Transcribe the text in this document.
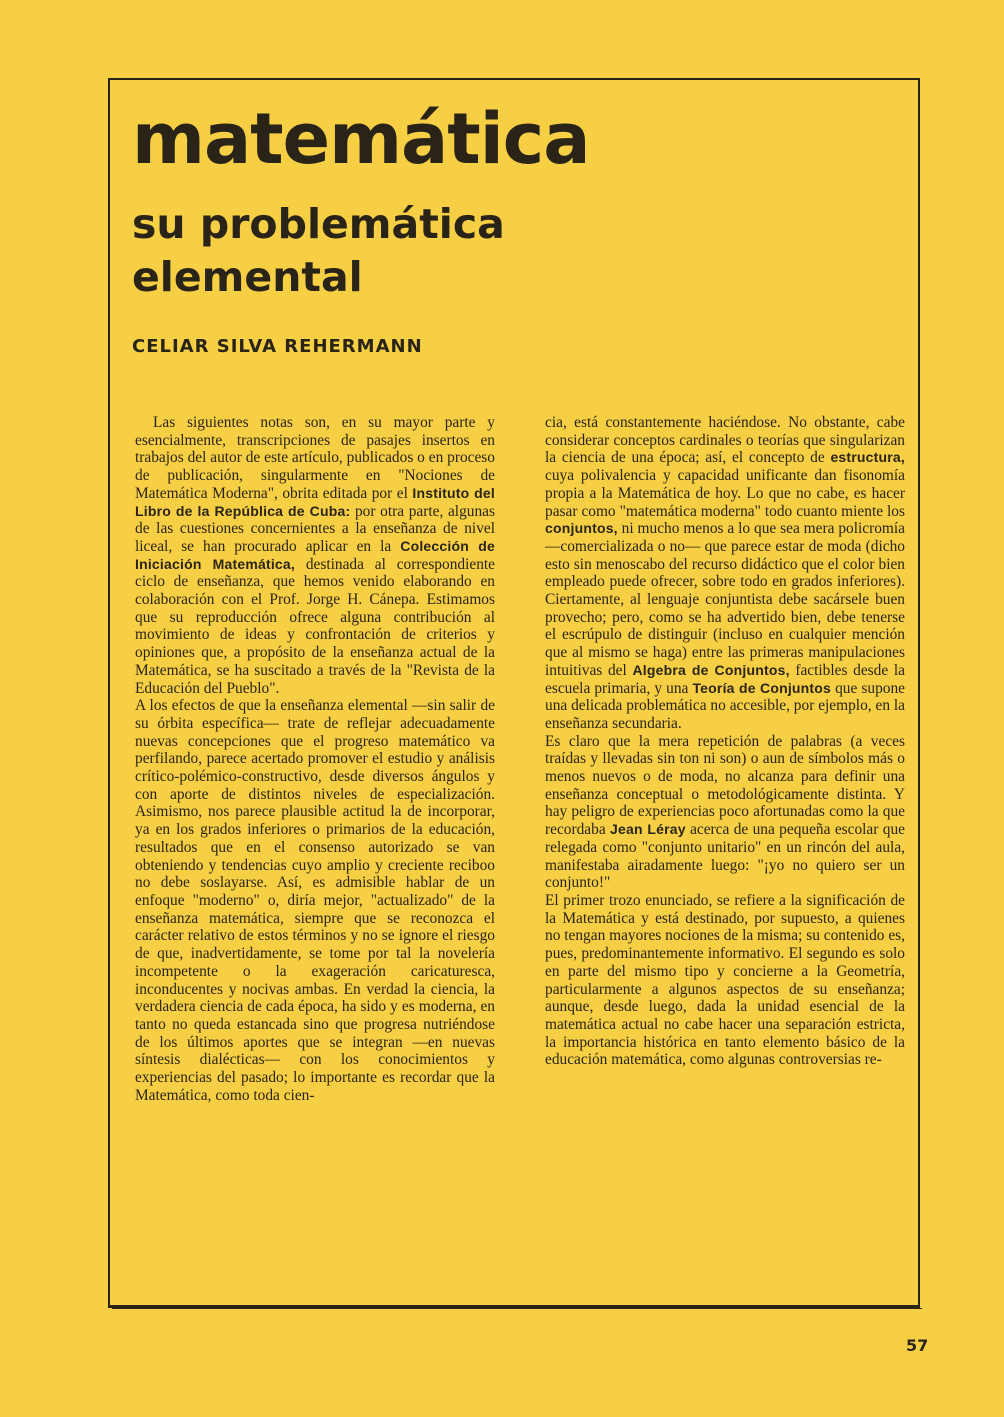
matemática
su problemática
elemental
CELIAR SILVA REHERMANN

Las siguientes notas son, en su mayor parte y esencialmente, transcripciones de pasajes insertos en trabajos del autor de este artículo, publicados o en proceso de publicación, singularmente en "Nociones de Matemática Moderna", obrita editada por el Instituto del Libro de la República de Cuba: por otra parte, algunas de las cuestiones concernientes a la enseñanza de nivel liceal, se han procurado aplicar en la Colección de Iniciación Matemática, destinada al correspondiente ciclo de enseñanza, que hemos venido elaborando en colaboración con el Prof. Jorge H. Cánepa. Estimamos que su reproducción ofrece alguna contribución al movimiento de ideas y confrontación de criterios y opiniones que, a propósito de la enseñanza actual de la Matemática, se ha suscitado a través de la "Revista de la Educación del Pueblo".

A los efectos de que la enseñanza elemental —sin salir de su órbita específica— trate de reflejar adecuadamente nuevas concepciones que el progreso matemático va perfilando, parece acertado promover el estudio y análisis crítico-polémico-constructivo, desde diversos ángulos y con aporte de distintos niveles de especialización. Asimismo, nos parece plausible actitud la de incorporar, ya en los grados inferiores o primarios de la educación, resultados que en el consenso autorizado se van obteniendo y tendencias cuyo amplio y creciente reciboo no debe soslayarse. Así, es admisible hablar de un enfoque "moderno" o, diría mejor, "actualizado" de la enseñanza matemática, siempre que se reconozca el carácter relativo de estos términos y no se ignore el riesgo de que, inadvertidamente, se tome por tal la novelería incompetente o la exageración caricaturesca, inconducentes y nocivas ambas. En verdad la ciencia, la verdadera ciencia de cada época, ha sido y es moderna, en tanto no queda estancada sino que progresa nutriéndose de los últimos aportes que se integran —en nuevas síntesis dialécticas— con los conocimientos y experiencias del pasado; lo importante es recordar que la Matemática, como toda cien-

cia, está constantemente haciéndose. No obstante, cabe considerar conceptos cardinales o teorías que singularizan la ciencia de una época; así, el concepto de estructura, cuya polivalencia y capacidad unificante dan fisonomía propia a la Matemática de hoy. Lo que no cabe, es hacer pasar como "matemática moderna" todo cuanto miente los conjuntos, ni mucho menos a lo que sea mera policromía —comercializada o no— que parece estar de moda (dicho esto sin menoscabo del recurso didáctico que el color bien empleado puede ofrecer, sobre todo en grados inferiores). Ciertamente, al lenguaje conjuntista debe sacársele buen provecho; pero, como se ha advertido bien, debe tenerse el escrúpulo de distinguir (incluso en cualquier mención que al mismo se haga) entre las primeras manipulaciones intuitivas del Algebra de Conjuntos, factibles desde la escuela primaria, y una Teoría de Conjuntos que supone una delicada problemática no accesible, por ejemplo, en la enseñanza secundaria.

Es claro que la mera repetición de palabras (a veces traídas y llevadas sin ton ni son) o aun de símbolos más o menos nuevos o de moda, no alcanza para definir una enseñanza conceptual o metodológicamente distinta. Y hay peligro de experiencias poco afortunadas como la que recordaba Jean Léray acerca de una pequeña escolar que relegada como "conjunto unitario" en un rincón del aula, manifestaba airadamente luego: "¡yo no quiero ser un conjunto!"

El primer trozo enunciado, se refiere a la significación de la Matemática y está destinado, por supuesto, a quienes no tengan mayores nociones de la misma; su contenido es, pues, predominantemente informativo. El segundo es solo en parte del mismo tipo y concierne a la Geometría, particularmente a algunos aspectos de su enseñanza; aunque, desde luego, dada la unidad esencial de la matemática actual no cabe hacer una separación estricta, la importancia histórica en tanto elemento básico de la educación matemática, como algunas controversias re-

57
